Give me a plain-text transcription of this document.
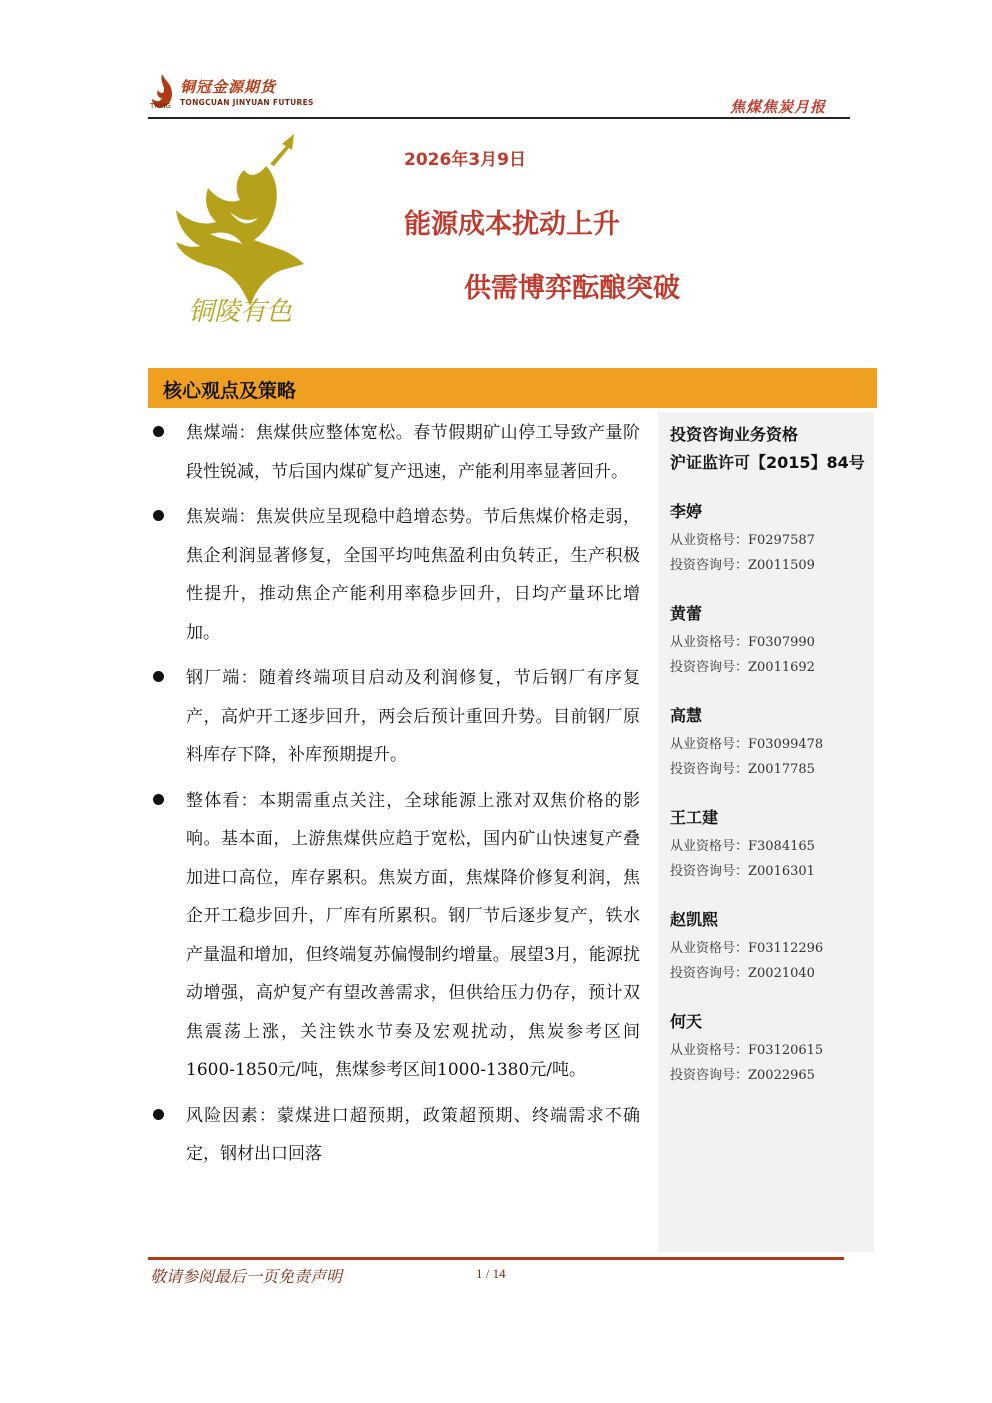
铜冠金源期货
TONGCUAN JINYUAN FUTURES
TNMG	焦煤焦炭月报
铜陵有色
2026年3月9日
能源成本扰动上升
供需博弈酝酿突破
核心观点及策略
焦煤端：焦煤供应整体宽松。春节假期矿山停工导致产量阶段性锐减，节后国内煤矿复产迅速，产能利用率显著回升。
焦炭端：焦炭供应呈现稳中趋增态势。节后焦煤价格走弱，焦企利润显著修复，全国平均吨焦盈利由负转正，生产积极性提升，推动焦企产能利用率稳步回升，日均产量环比增加。
钢厂端：随着终端项目启动及利润修复，节后钢厂有序复产，高炉开工逐步回升，两会后预计重回升势。目前钢厂原料库存下降，补库预期提升。
整体看：本期需重点关注，全球能源上涨对双焦价格的影响。基本面，上游焦煤供应趋于宽松，国内矿山快速复产叠加进口高位，库存累积。焦炭方面，焦煤降价修复利润，焦企开工稳步回升，厂库有所累积。钢厂节后逐步复产，铁水产量温和增加，但终端复苏偏慢制约增量。展望3月，能源扰动增强，高炉复产有望改善需求，但供给压力仍存，预计双焦震荡上涨，关注铁水节奏及宏观扰动，焦炭参考区间1600-1850元/吨，焦煤参考区间1000-1380元/吨。
风险因素：蒙煤进口超预期，政策超预期、终端需求不确定，钢材出口回落
投资咨询业务资格
沪证监许可【2015】84号
李婷
从业资格号：F0297587
投资咨询号：Z0011509
黄蕾
从业资格号：F0307990
投资咨询号：Z0011692
高慧
从业资格号：F03099478
投资咨询号：Z0017785
王工建
从业资格号：F3084165
投资咨询号：Z0016301
赵凯熙
从业资格号：F03112296
投资咨询号：Z0021040
何天
从业资格号：F03120615
投资咨询号：Z0022965
敬请参阅最后一页免责声明	1 / 14
